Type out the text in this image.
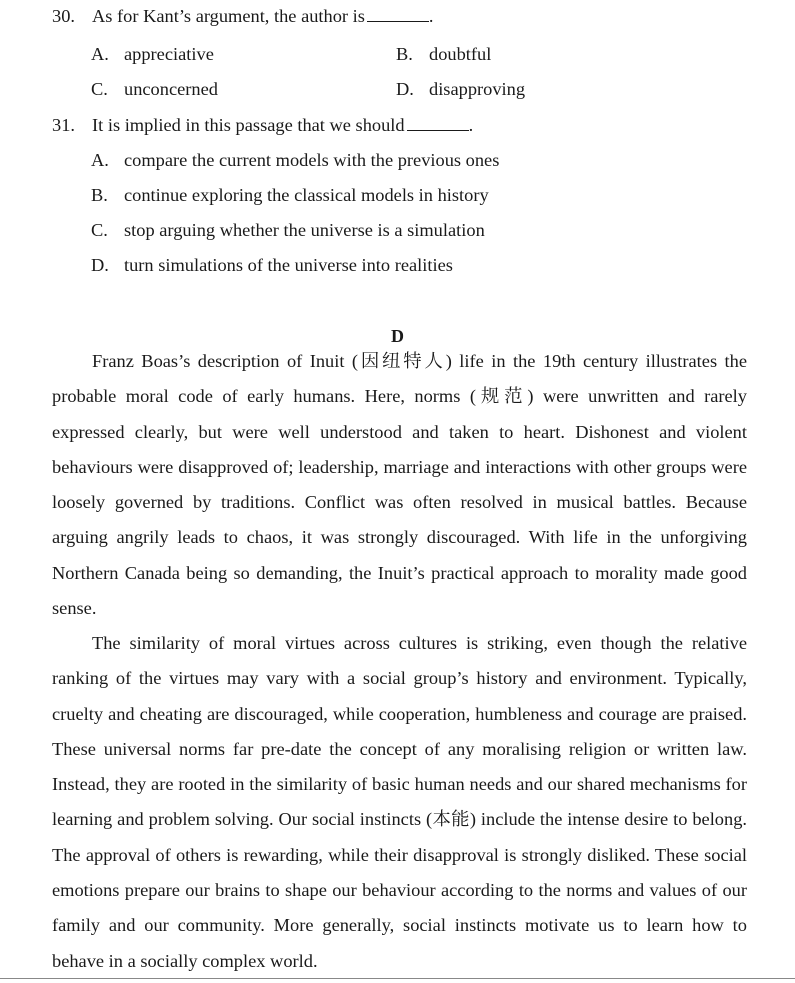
30. As for Kant’s argument, the author is	.
A. appreciative	B. doubtful
C. unconcerned	D. disapproving
31. It is implied in this passage that we should	.
A. compare the current models with the previous ones
B. continue exploring the classical models in history
C. stop arguing whether the universe is a simulation
D. turn simulations of the universe into realities
D

Franz Boas’s description of Inuit (因纽特人) life in the 19th century illustrates the probable moral code of early humans. Here, norms (规范) were unwritten and rarely expressed clearly, but were well understood and taken to heart. Dishonest and violent behaviours were disapproved of; leadership, marriage and interactions with other groups were loosely governed by traditions. Conflict was often resolved in musical battles. Because arguing angrily leads to chaos, it was strongly discouraged. With life in the unforgiving Northern Canada being so demanding, the Inuit’s practical approach to morality made good sense.

The similarity of moral virtues across cultures is striking, even though the relative ranking of the virtues may vary with a social group’s history and environment. Typically, cruelty and cheating are discouraged, while cooperation, humbleness and courage are praised. These universal norms far pre-date the concept of any moralising religion or written law. Instead, they are rooted in the similarity of basic human needs and our shared mechanisms for learning and problem solving. Our social instincts (本能) include the intense desire to belong. The approval of others is rewarding, while their disapproval is strongly disliked. These social emotions prepare our brains to shape our behaviour according to the norms and values of our family and our community. More generally, social instincts motivate us to learn how to behave in a socially complex world.
